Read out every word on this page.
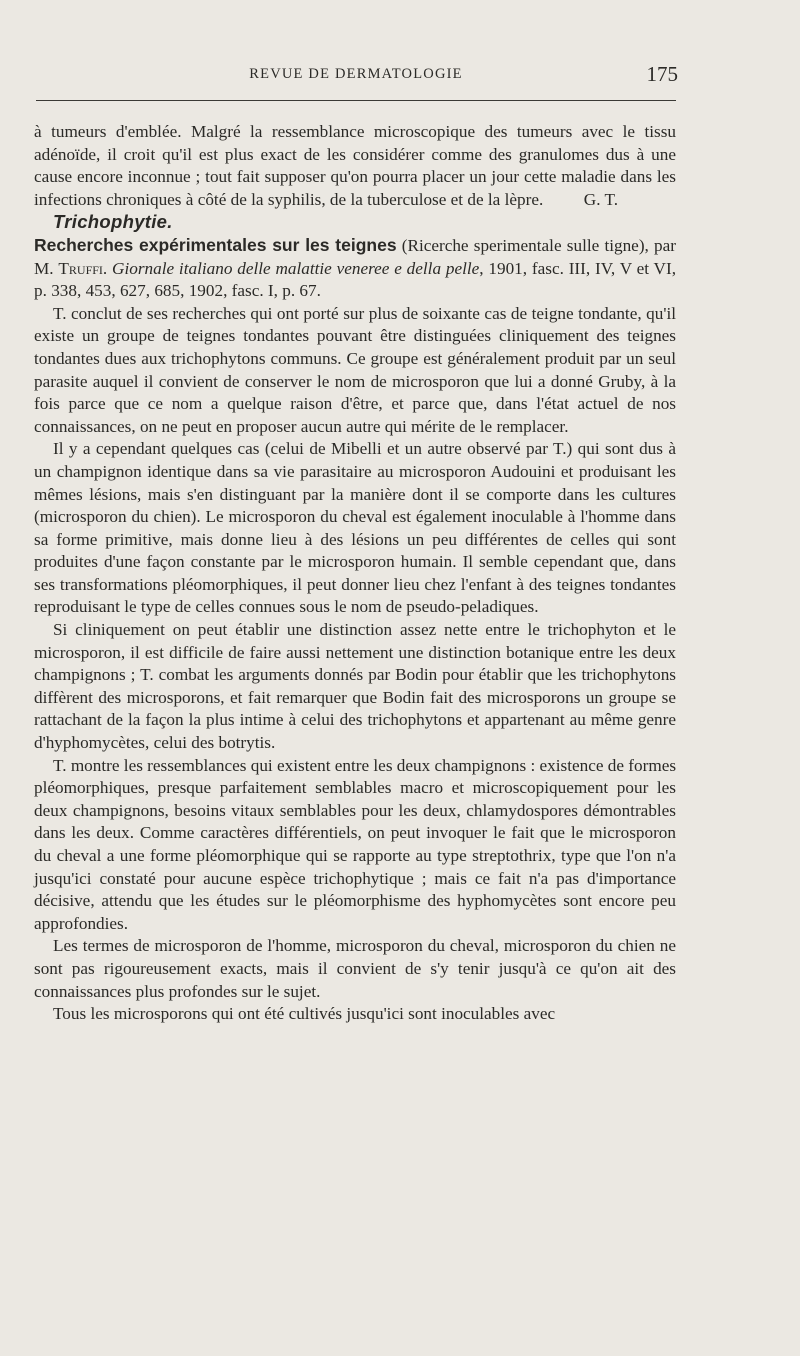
REVUE DE DERMATOLOGIE	175

à tumeurs d'emblée. Malgré la ressemblance microscopique des tumeurs avec le tissu adénoïde, il croit qu'il est plus exact de les considérer comme des granulomes dus à une cause encore inconnue ; tout fait supposer qu'on pourra placer un jour cette maladie dans les infections chroniques à côté de la syphilis, de la tuberculose et de la lèpre. G. T.

Trichophytie.

Recherches expérimentales sur les teignes (Ricerche sperimentale sulle tigne), par M. Truffi. Giornale italiano delle malattie veneree e della pelle, 1901, fasc. III, IV, V et VI, p. 338, 453, 627, 685, 1902, fasc. I, p. 67.

T. conclut de ses recherches qui ont porté sur plus de soixante cas de teigne tondante, qu'il existe un groupe de teignes tondantes pouvant être distinguées cliniquement des teignes tondantes dues aux trichophytons communs. Ce groupe est généralement produit par un seul parasite auquel il convient de conserver le nom de microsporon que lui a donné Gruby, à la fois parce que ce nom a quelque raison d'être, et parce que, dans l'état actuel de nos connaissances, on ne peut en proposer aucun autre qui mérite de le remplacer.

Il y a cependant quelques cas (celui de Mibelli et un autre observé par T.) qui sont dus à un champignon identique dans sa vie parasitaire au microsporon Audouini et produisant les mêmes lésions, mais s'en distinguant par la manière dont il se comporte dans les cultures (microsporon du chien). Le microsporon du cheval est également inoculable à l'homme dans sa forme primitive, mais donne lieu à des lésions un peu différentes de celles qui sont produites d'une façon constante par le microsporon humain. Il semble cependant que, dans ses transformations pléomorphiques, il peut donner lieu chez l'enfant à des teignes tondantes reproduisant le type de celles connues sous le nom de pseudo-peladiques.

Si cliniquement on peut établir une distinction assez nette entre le trichophyton et le microsporon, il est difficile de faire aussi nettement une distinction botanique entre les deux champignons ; T. combat les arguments donnés par Bodin pour établir que les trichophytons diffèrent des microsporons, et fait remarquer que Bodin fait des microsporons un groupe se rattachant de la façon la plus intime à celui des trichophytons et appartenant au même genre d'hyphomycètes, celui des botrytis.

T. montre les ressemblances qui existent entre les deux champignons : existence de formes pléomorphiques, presque parfaitement semblables macro et microscopiquement pour les deux champignons, besoins vitaux semblables pour les deux, chlamydospores démontrables dans les deux. Comme caractères différentiels, on peut invoquer le fait que le microsporon du cheval a une forme pléomorphique qui se rapporte au type streptothrix, type que l'on n'a jusqu'ici constaté pour aucune espèce trichophytique ; mais ce fait n'a pas d'importance décisive, attendu que les études sur le pléomorphisme des hyphomycètes sont encore peu approfondies.

Les termes de microsporon de l'homme, microsporon du cheval, microsporon du chien ne sont pas rigoureusement exacts, mais il convient de s'y tenir jusqu'à ce qu'on ait des connaissances plus profondes sur le sujet.

Tous les microsporons qui ont été cultivés jusqu'ici sont inoculables avec
